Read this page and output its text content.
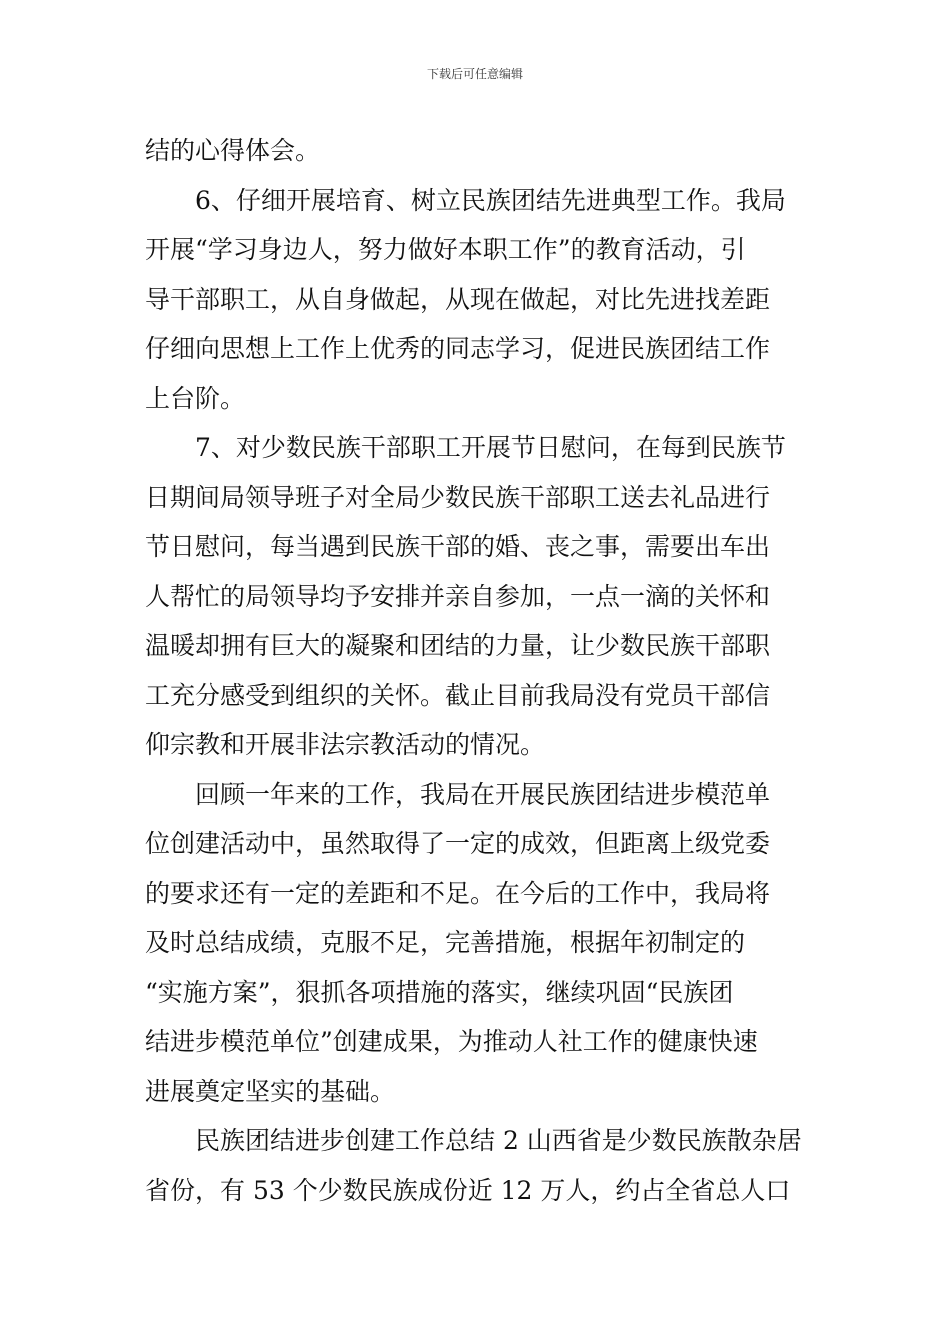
下载后可任意编辑
结的心得体会。
6、仔细开展培育、树立民族团结先进典型工作。我局
开展“学习身边人，努力做好本职工作”的教育活动，引
导干部职工，从自身做起，从现在做起，对比先进找差距
仔细向思想上工作上优秀的同志学习，促进民族团结工作
上台阶。
7、对少数民族干部职工开展节日慰问，在每到民族节
日期间局领导班子对全局少数民族干部职工送去礼品进行
节日慰问，每当遇到民族干部的婚、丧之事，需要出车出
人帮忙的局领导均予安排并亲自参加，一点一滴的关怀和
温暖却拥有巨大的凝聚和团结的力量，让少数民族干部职
工充分感受到组织的关怀。截止目前我局没有党员干部信
仰宗教和开展非法宗教活动的情况。
回顾一年来的工作，我局在开展民族团结进步模范单
位创建活动中，虽然取得了一定的成效，但距离上级党委
的要求还有一定的差距和不足。在今后的工作中，我局将
及时总结成绩，克服不足，完善措施，根据年初制定的
“实施方案”，狠抓各项措施的落实，继续巩固“民族团
结进步模范单位”创建成果，为推动人社工作的健康快速
进展奠定坚实的基础。
民族团结进步创建工作总结 2 山西省是少数民族散杂居
省份，有 53 个少数民族成份近 12 万人，约占全省总人口
